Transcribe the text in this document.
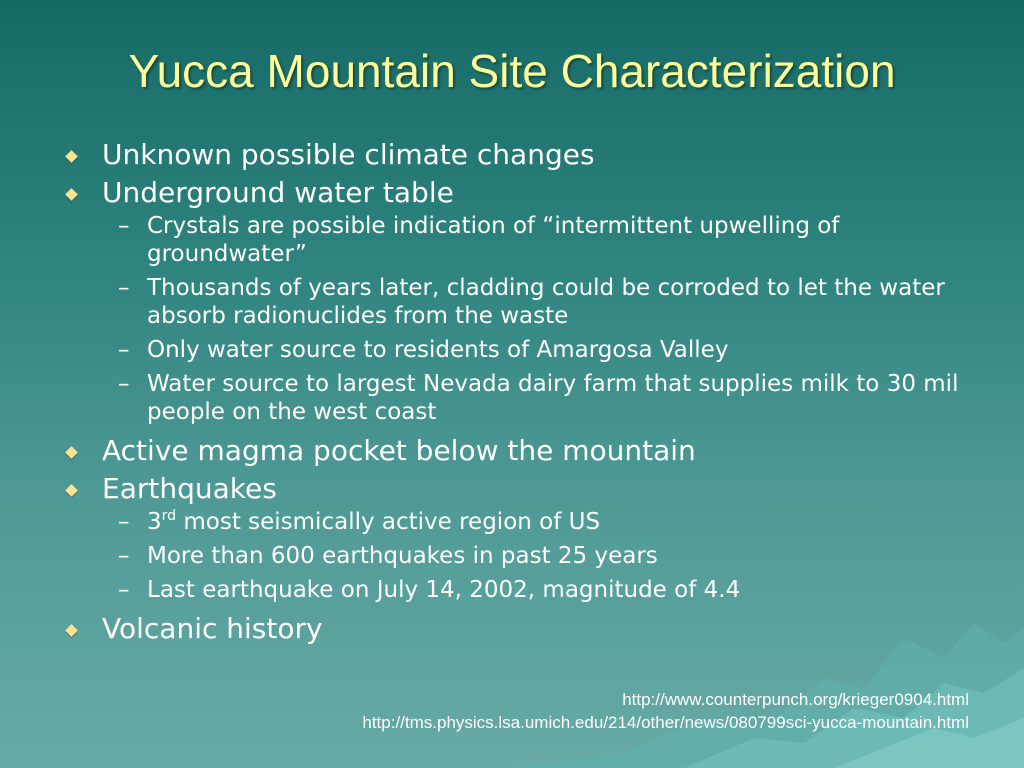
Yucca Mountain Site Characterization
Unknown possible climate changes
Underground water table
– Crystals are possible indication of “intermittent upwelling of groundwater”
– Thousands of years later, cladding could be corroded to let the water absorb radionuclides from the waste
– Only water source to residents of Amargosa Valley
– Water source to largest Nevada dairy farm that supplies milk to 30 mil people on the west coast
Active magma pocket below the mountain
Earthquakes
– 3rd most seismically active region of US
– More than 600 earthquakes in past 25 years
– Last earthquake on July 14, 2002, magnitude of 4.4
Volcanic history
http://www.counterpunch.org/krieger0904.html
http://tms.physics.lsa.umich.edu/214/other/news/080799sci-yucca-mountain.html
